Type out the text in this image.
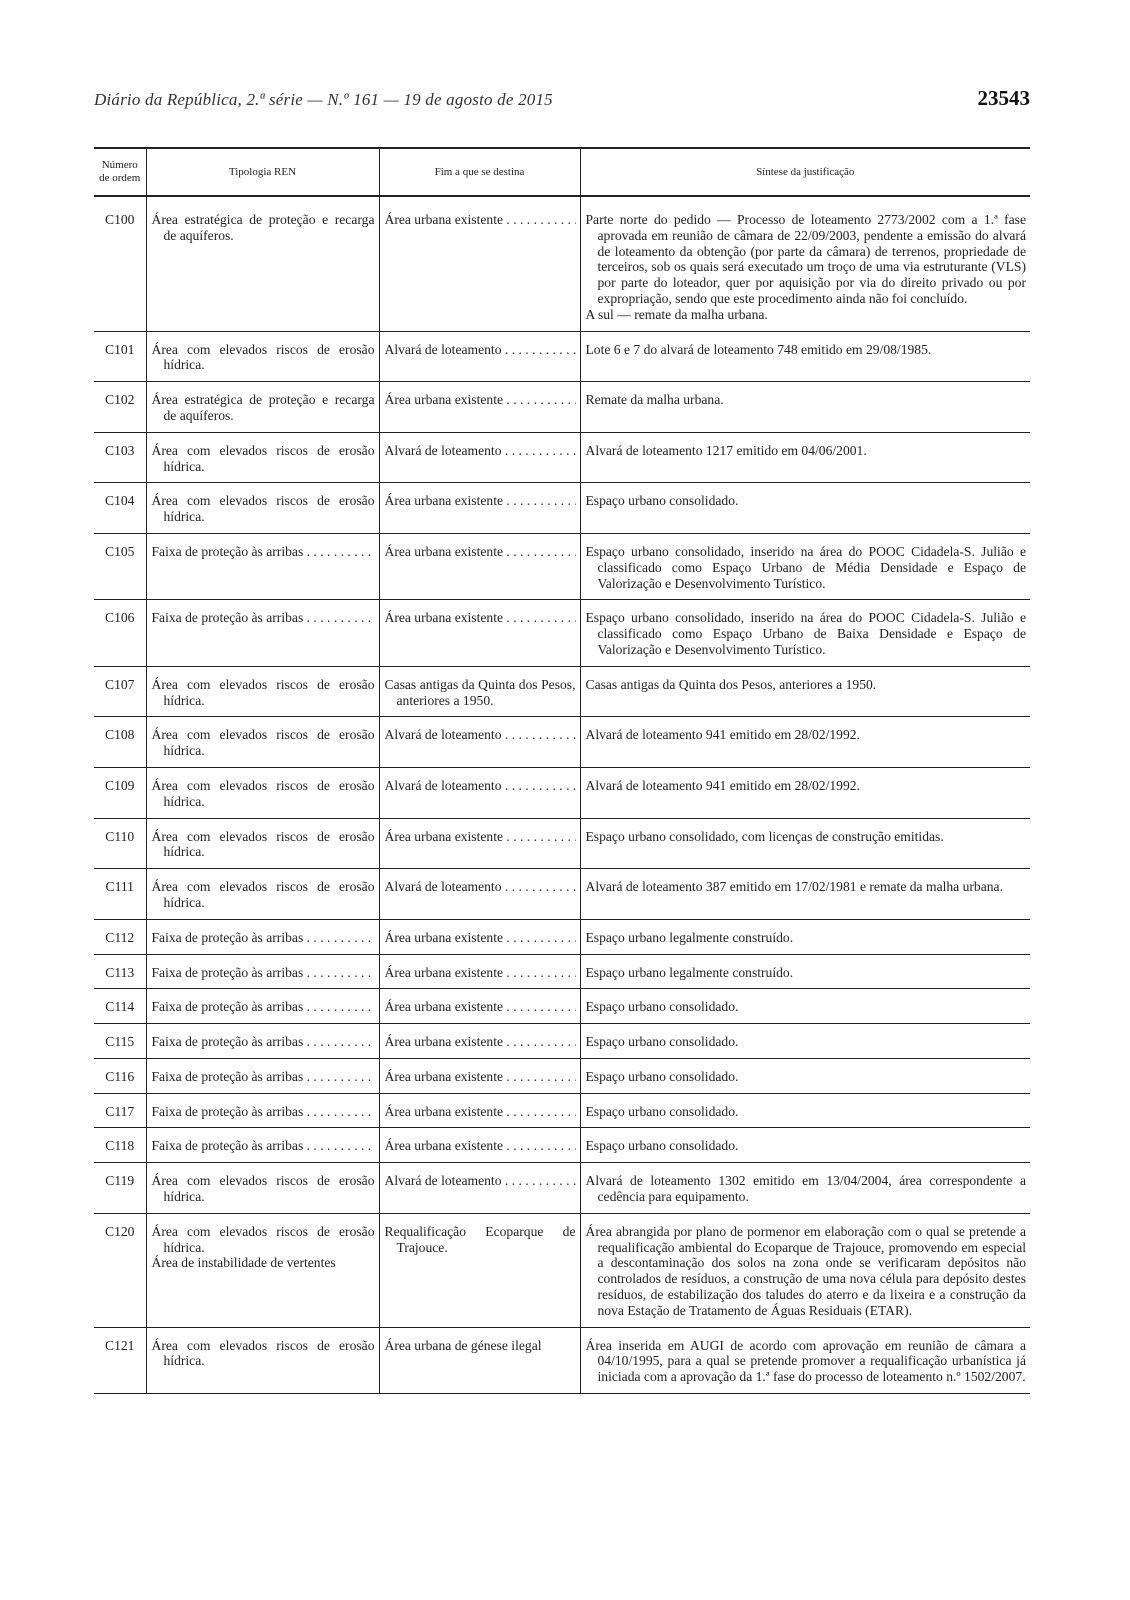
Diário da República, 2.ª série — N.º 161 — 19 de agosto de 2015	23543
Número de ordem	Tipologia REN	Fim a que se destina	Síntese da justificação
C100	Área estratégica de proteção e recarga de aquíferos.	Área urbana existente . . .	Parte norte do pedido — Processo de loteamento 2773/2002 com a 1.ª fase aprovada em reunião de câmara de 22/09/2003, pendente a emissão do alvará de loteamento da obtenção (por parte da câmara) de terrenos, propriedade de terceiros, sob os quais será executado um troço de uma via estruturante (VLS) por parte do loteador, quer por aquisição por via do direito privado ou por expropriação, sendo que este procedimento ainda não foi concluído.
A sul — remate da malha urbana.

C101	Área com elevados riscos de erosão hídrica.	Alvará de loteamento . . .	Lote 6 e 7 do alvará de loteamento 748 emitido em 29/08/1985.

C102	Área estratégica de proteção e recarga de aquíferos.	Área urbana existente . . .	Remate da malha urbana.

C103	Área com elevados riscos de erosão hídrica.	Alvará de loteamento . . .	Alvará de loteamento 1217 emitido em 04/06/2001.

C104	Área com elevados riscos de erosão hídrica.	Área urbana existente . . .	Espaço urbano consolidado.

C105	Faixa de proteção às arribas . . .	Área urbana existente . . .	Espaço urbano consolidado, inserido na área do POOC Cidadela-S. Julião e classificado como Espaço Urbano de Média Densidade e Espaço de Valorização e Desenvolvimento Turístico.

C106	Faixa de proteção às arribas . . .	Área urbana existente . . .	Espaço urbano consolidado, inserido na área do POOC Cidadela-S. Julião e classificado como Espaço Urbano de Baixa Densidade e Espaço de Valorização e Desenvolvimento Turístico.

C107	Área com elevados riscos de erosão hídrica.	Casas antigas da Quinta dos Pesos, anteriores a 1950.	Casas antigas da Quinta dos Pesos, anteriores a 1950.

C108	Área com elevados riscos de erosão hídrica.	Alvará de loteamento . . .	Alvará de loteamento 941 emitido em 28/02/1992.

C109	Área com elevados riscos de erosão hídrica.	Alvará de loteamento . . .	Alvará de loteamento 941 emitido em 28/02/1992.

C110	Área com elevados riscos de erosão hídrica.	Área urbana existente . . .	Espaço urbano consolidado, com licenças de construção emitidas.

C111	Área com elevados riscos de erosão hídrica.	Alvará de loteamento . . .	Alvará de loteamento 387 emitido em 17/02/1981 e remate da malha urbana.

C112	Faixa de proteção às arribas . . .	Área urbana existente . . .	Espaço urbano legalmente construído.

C113	Faixa de proteção às arribas . . .	Área urbana existente . . .	Espaço urbano legalmente construído.

C114	Faixa de proteção às arribas . . .	Área urbana existente . . .	Espaço urbano consolidado.

C115	Faixa de proteção às arribas . . .	Área urbana existente . . .	Espaço urbano consolidado.

C116	Faixa de proteção às arribas . . .	Área urbana existente . . .	Espaço urbano consolidado.

C117	Faixa de proteção às arribas . . .	Área urbana existente . . .	Espaço urbano consolidado.

C118	Faixa de proteção às arribas . . .	Área urbana existente . . .	Espaço urbano consolidado.

C119	Área com elevados riscos de erosão hídrica.	Alvará de loteamento . . .	Alvará de loteamento 1302 emitido em 13/04/2004, área correspondente a cedência para equipamento.

C120	Área com elevados riscos de erosão hídrica.
Área de instabilidade de vertentes	Requalificação Ecoparque de Trajouce.	Área abrangida por plano de pormenor em elaboração com o qual se pretende a requalificação ambiental do Ecoparque de Trajouce, promovendo em especial a descontaminação dos solos na zona onde se verificaram depósitos não controlados de resíduos, a construção de uma nova célula para depósito destes resíduos, de estabilização dos taludes do aterro e da lixeira e a construção da nova Estação de Tratamento de Águas Residuais (ETAR).

C121	Área com elevados riscos de erosão hídrica.	Área urbana de génese ilegal	Área inserida em AUGI de acordo com aprovação em reunião de câmara a 04/10/1995, para a qual se pretende promover a requalificação urbanística já iniciada com a aprovação da 1.ª fase do processo de loteamento n.º 1502/2007.
